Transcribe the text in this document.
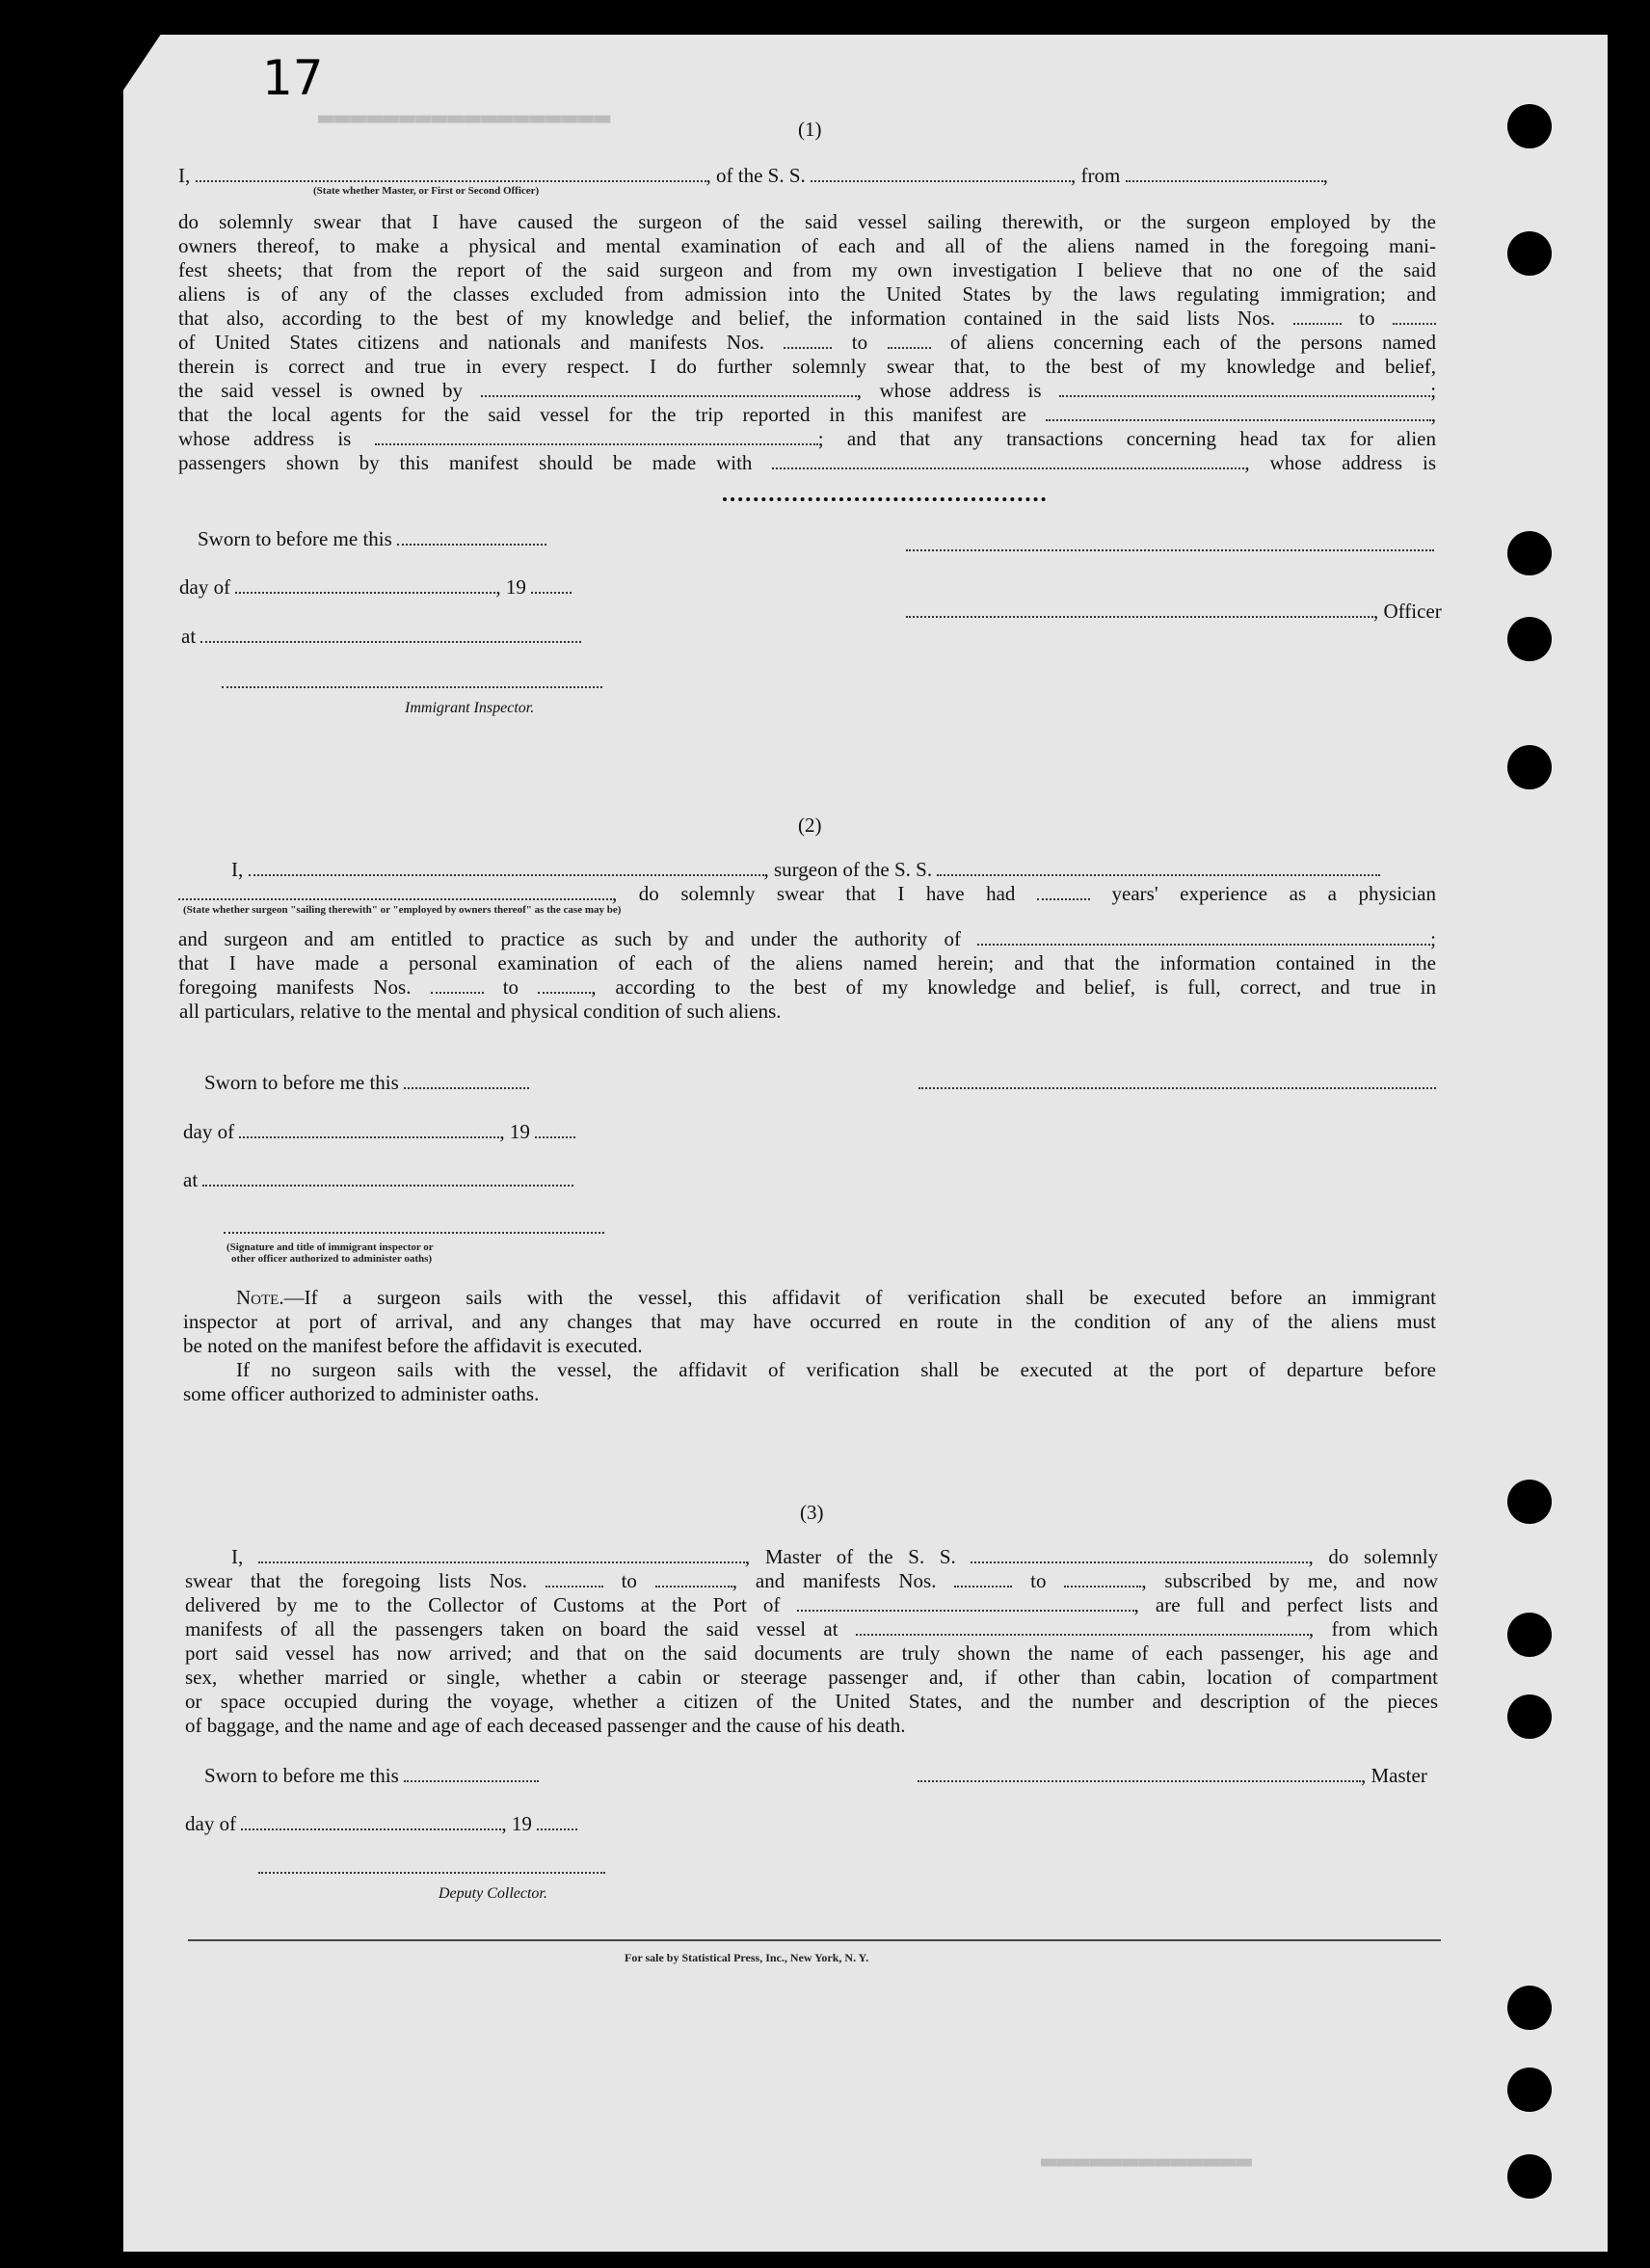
▬▬▬▬▬▬▬▬▬▬▬▬▬▬▬▬▬▬
▬▬▬▬▬▬▬▬▬▬▬▬▬
17
(1)
I,	, of the S. S.	, from	,
(State whether Master, or First or Second Officer)
do solemnly swear that I have caused the surgeon of the said vessel sailing therewith, or the surgeon employed by the
owners thereof, to make a physical and mental examination of each and all of the aliens named in the foregoing mani-
fest sheets; that from the report of the said surgeon and from my own investigation I believe that no one of the said
aliens is of any of the classes excluded from admission into the United States by the laws regulating immigration; and
that also, according to the best of my knowledge and belief, the information contained in the said lists Nos.	to
of United States citizens and nationals and manifests Nos.	to	of aliens concerning each of the persons named
therein is correct and true in every respect. I do further solemnly swear that, to the best of my knowledge and belief,
the said vessel is owned by	, whose address is	;
that the local agents for the said vessel for the trip reported in this manifest are	,
whose address is	; and that any transactions concerning head tax for alien
passengers shown by this manifest should be made with	, whose address is
Sworn to before me this
day of	, 19
at
Immigrant Inspector.
, Officer
(2)
I,	, surgeon of the S. S.
, do solemnly swear that I have had	years' experience as a physician
(State whether surgeon "sailing therewith" or "employed by owners thereof" as the case may be)
and surgeon and am entitled to practice as such by and under the authority of	;
that I have made a personal examination of each of the aliens named herein; and that the information contained in the
foregoing manifests Nos.	to	, according to the best of my knowledge and belief, is full, correct, and true in
all particulars, relative to the mental and physical condition of such aliens.
Sworn to before me this
day of	, 19
at
(Signature and title of immigrant inspector or
other officer authorized to administer oaths)
Note.—If a surgeon sails with the vessel, this affidavit of verification shall be executed before an immigrant
inspector at port of arrival, and any changes that may have occurred en route in the condition of any of the aliens must
be noted on the manifest before the affidavit is executed.
If no surgeon sails with the vessel, the affidavit of verification shall be executed at the port of departure before
some officer authorized to administer oaths.
(3)
I,	, Master of the S. S.	, do solemnly
swear that the foregoing lists Nos.	to	, and manifests Nos.	to	, subscribed by me, and now
delivered by me to the Collector of Customs at the Port of	, are full and perfect lists and
manifests of all the passengers taken on board the said vessel at	, from which
port said vessel has now arrived; and that on the said documents are truly shown the name of each passenger, his age and
sex, whether married or single, whether a cabin or steerage passenger and, if other than cabin, location of compartment
or space occupied during the voyage, whether a citizen of the United States, and the number and description of the pieces
of baggage, and the name and age of each deceased passenger and the cause of his death.
Sworn to before me this	, Master
day of	, 19
Deputy Collector.
For sale by Statistical Press, Inc., New York, N. Y.
